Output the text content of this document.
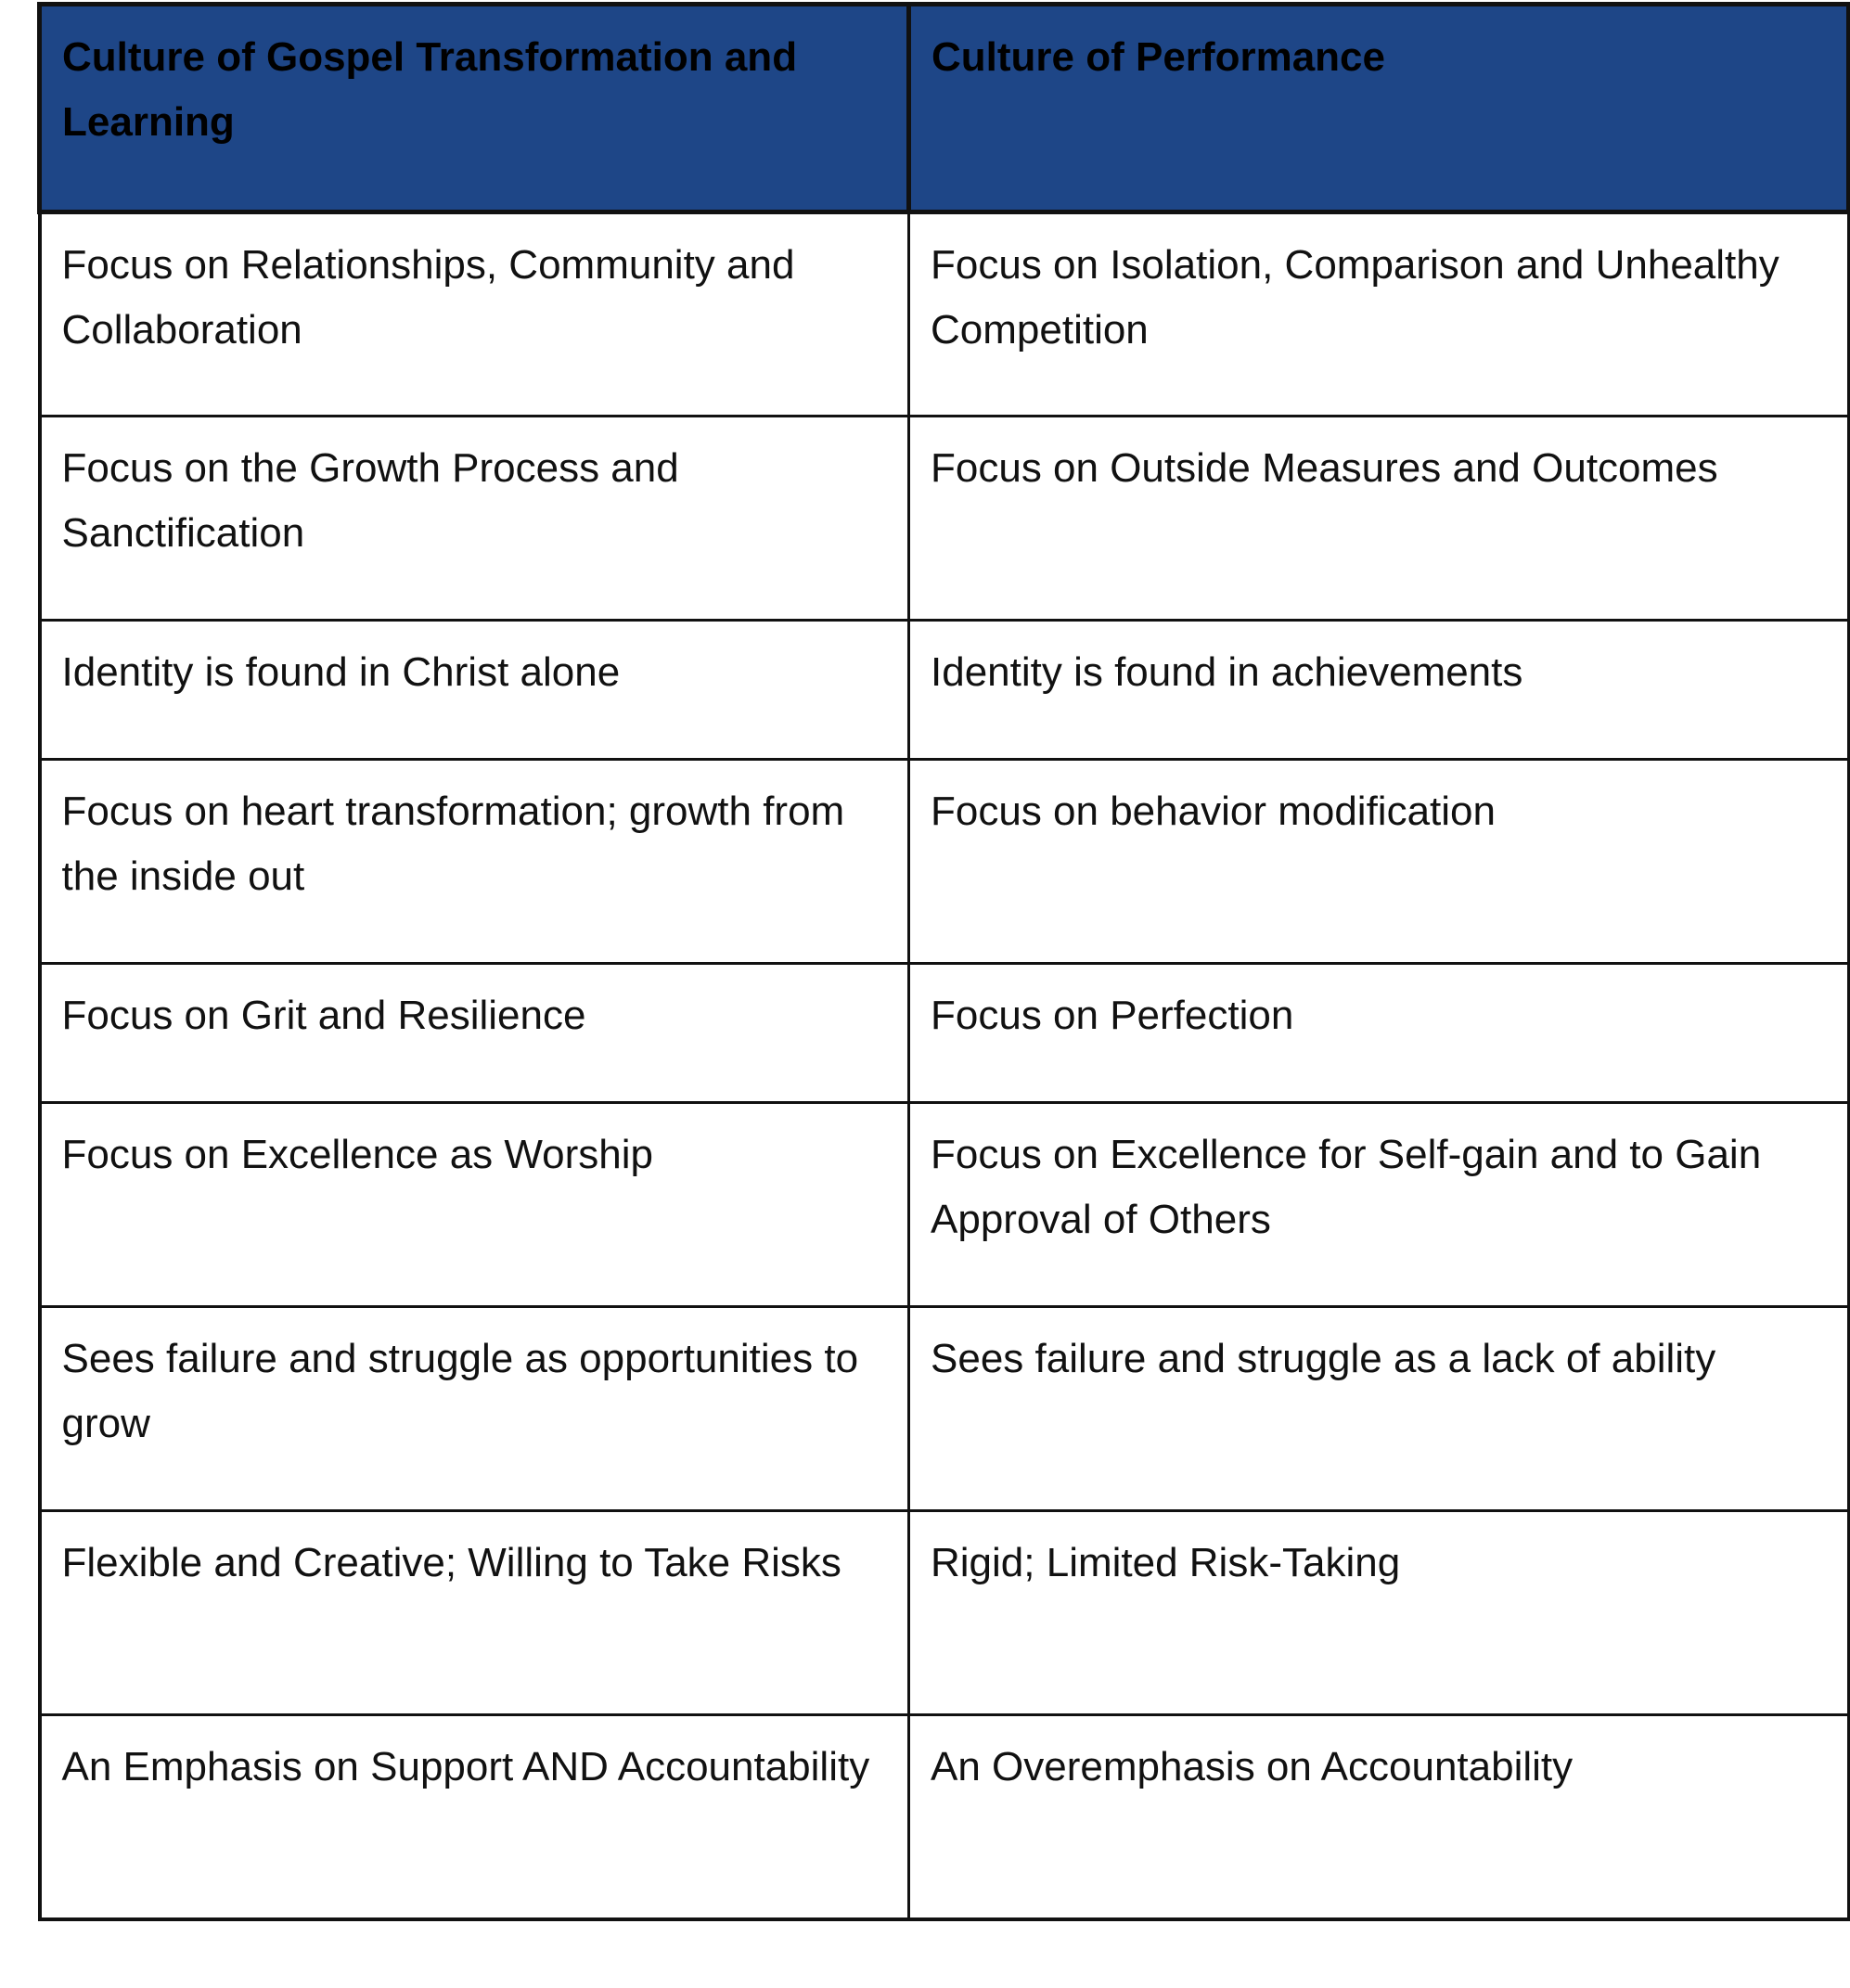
Culture of Gospel Transformation and Learning	Culture of Performance
Focus on Relationships, Community and Collaboration	Focus on Isolation, Comparison and Unhealthy Competition
Focus on the Growth Process and Sanctification	Focus on Outside Measures and Outcomes
Identity is found in Christ alone	Identity is found in achievements
Focus on heart transformation; growth from the inside out	Focus on behavior modification
Focus on Grit and Resilience	Focus on Perfection
Focus on Excellence as Worship	Focus on Excellence for Self-gain and to Gain Approval of Others
Sees failure and struggle as opportunities to grow	Sees failure and struggle as a lack of ability
Flexible and Creative; Willing to Take Risks	Rigid; Limited Risk-Taking
An Emphasis on Support AND Accountability	An Overemphasis on Accountability
